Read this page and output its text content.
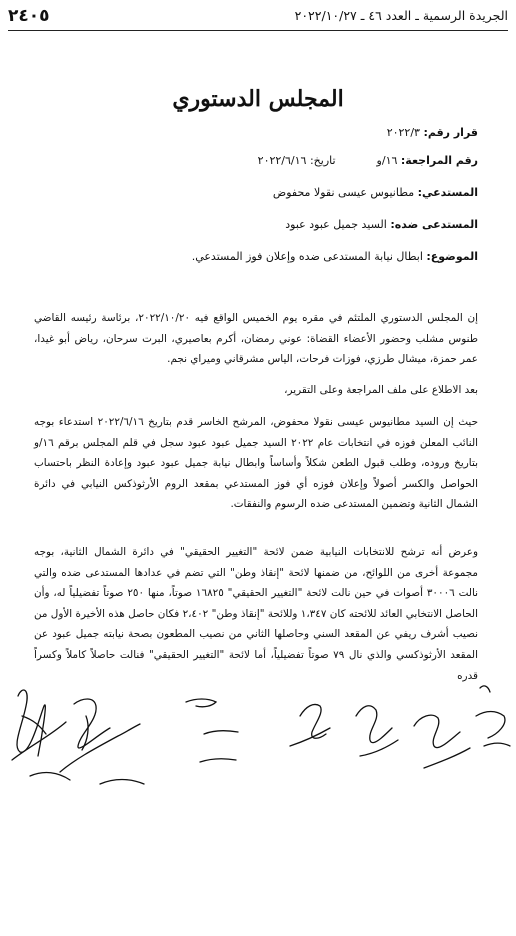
٢٤٠٥	الجريدة الرسمية ـ العدد ٤٦ ـ ٢٠٢٢/١٠/٢٧
المجلس الدستوري
قرار رقم: ٢٠٢٢/٣
رقم المراجعة: ١٦/و  تاريخ: ٢٠٢٢/٦/١٦
المستدعي: مطانيوس عيسى نقولا محفوض
المستدعى ضده: السيد جميل عبود عبود
الموضوع: ابطال نيابة المستدعى ضده وإعلان فوز المستدعي.
إن المجلس الدستوري الملتئم في مقره يوم الخميس الواقع فيه ٢٠٢٢/١٠/٢٠، برئاسة رئيسه القاضي طنوس مشلب وحضور الأعضاء القضاة: عوني رمضان، أكرم بعاصيري، البرت سرحان، رياض أبو غيدا، عمر حمزة، ميشال طرزي، فوزات فرحات، الياس مشرقاني وميراي نجم.
بعد الاطلاع على ملف المراجعة وعلى التقرير،
حيث إن السيد مطانيوس عيسى نقولا محفوض، المرشح الخاسر قدم بتاريخ ٢٠٢٢/٦/١٦ استدعاء بوجه النائب المعلن فوزه في انتخابات عام ٢٠٢٢ السيد جميل عبود عبود سجل في قلم المجلس برقم ١٦/و بتاريخ وروده، وطلب قبول الطعن شكلاً وأساساً وابطال نيابة جميل عبود عبود وإعادة النظر باحتساب الحواصل والكسر أصولاً وإعلان فوزه أي فوز المستدعي بمقعد الروم الأرثوذكس النيابي في دائرة الشمال الثانية وتضمين المستدعى ضده الرسوم والنفقات.
وعرض أنه ترشح للانتخابات النيابية ضمن لائحة "التغيير الحقيقي" في دائرة الشمال الثانية، بوجه مجموعة أخرى من اللوائح، من ضمنها لائحة "إنقاذ وطن" التي تضم في عدادها المستدعى ضده والتي نالت ٣٠٠٠٦ أصوات في حين نالت لائحة "التغيير الحقيقي" ١٦٨٢٥ صوتاً، منها ٢٥٠ صوتاً تفضيلياً له، وأن الحاصل الانتخابي العائد للائحته كان ١،٣٤٧ وللائحة "إنقاذ وطن" ٢،٤٠٢ فكان حاصل هذه الأخيرة الأول من نصيب أشرف ريفي عن المقعد السني وحاصلها الثاني من نصيب المطعون بصحة نيابته جميل عبود عن المقعد الأرثوذكسي والذي نال ٧٩ صوتاً تفضيلياً، أما لائحة "التغيير الحقيقي" فنالت حاصلاً كاملاً وكسراً قدره
